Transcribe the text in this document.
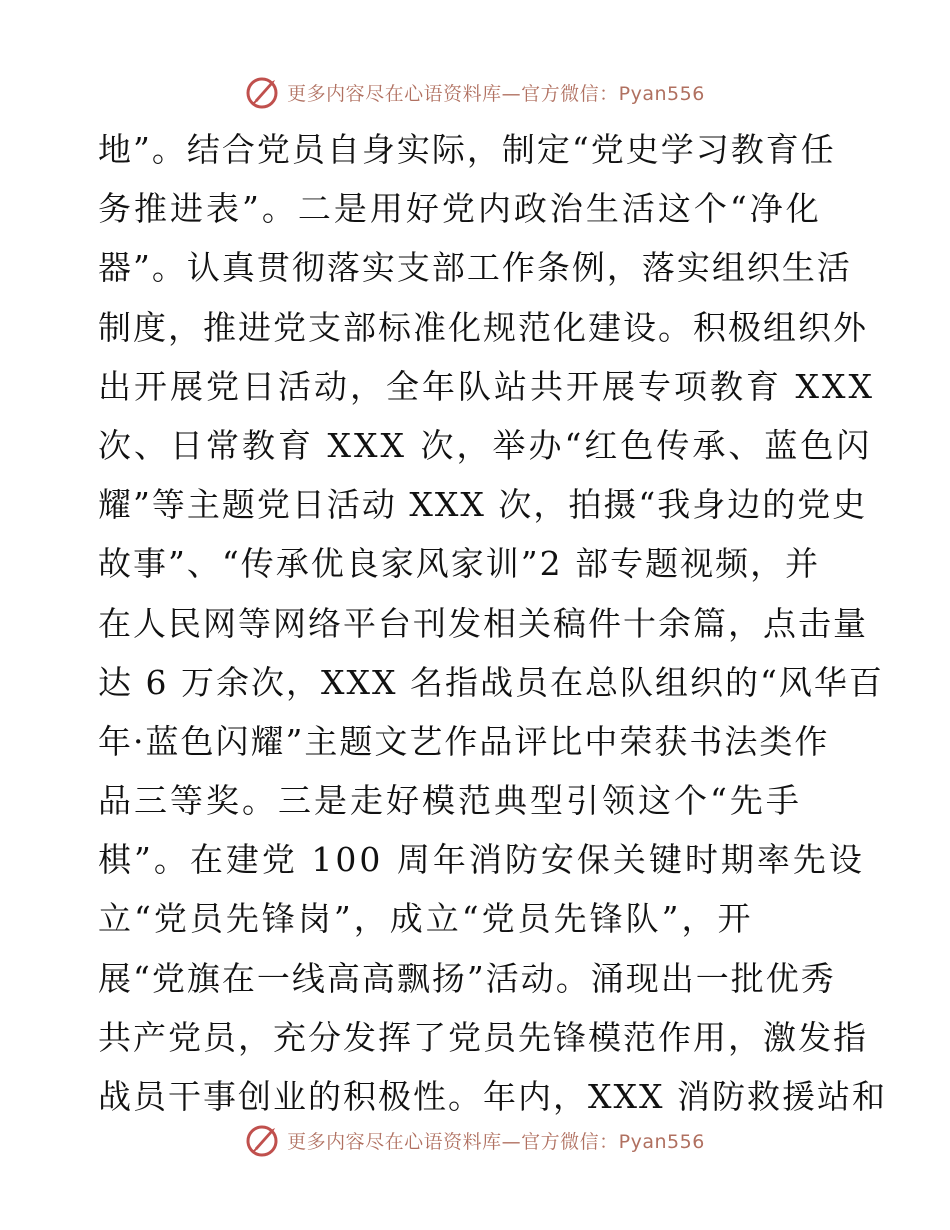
更多内容尽在心语资料库—官方微信：Pyan556
地”。结合党员自身实际，制定“党史学习教育任
务推进表”。二是用好党内政治生活这个“净化
器”。认真贯彻落实支部工作条例，落实组织生活
制度，推进党支部标准化规范化建设。积极组织外
出开展党日活动，全年队站共开展专项教育 XXX
次、日常教育 XXX 次，举办“红色传承、蓝色闪
耀”等主题党日活动 XXX 次，拍摄“我身边的党史
故事”、“传承优良家风家训”2 部专题视频，并
在人民网等网络平台刊发相关稿件十余篇，点击量
达 6 万余次，XXX 名指战员在总队组织的“风华百
年·蓝色闪耀”主题文艺作品评比中荣获书法类作
品三等奖。三是走好模范典型引领这个“先手
棋”。在建党 100 周年消防安保关键时期率先设
立“党员先锋岗”，成立“党员先锋队”，开
展“党旗在一线高高飘扬”活动。涌现出一批优秀
共产党员，充分发挥了党员先锋模范作用，激发指
战员干事创业的积极性。年内，XXX 消防救援站和
更多内容尽在心语资料库—官方微信：Pyan556
